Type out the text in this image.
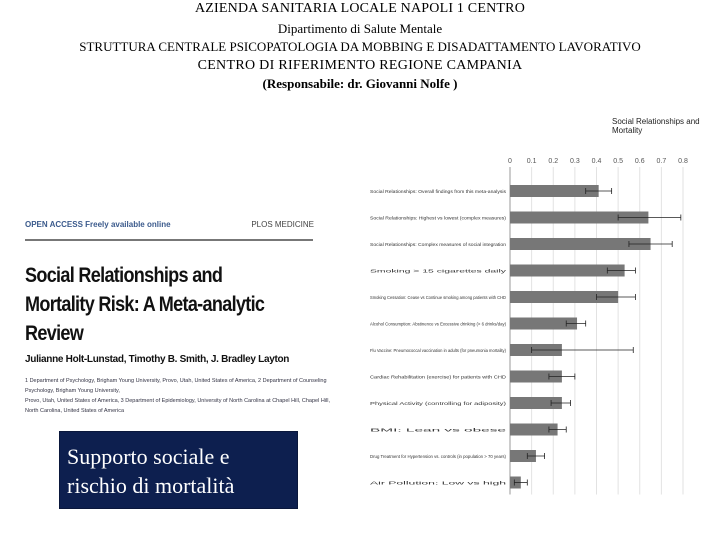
AZIENDA SANITARIA LOCALE NAPOLI 1 CENTRO
Dipartimento di Salute Mentale
STRUTTURA CENTRALE PSICOPATOLOGIA DA MOBBING E DISADATTAMENTO LAVORATIVO
CENTRO DI RIFERIMENTO REGIONE CAMPANIA
(Responsabile: dr. Giovanni Nolfe )
OPEN ACCESS Freely available online	PLOS MEDICINE
Social Relationships and Mortality Risk: A Meta-analytic
Review
Julianne Holt-Lunstad, Timothy B. Smith, J. Bradley Layton
1 Department of Psychology, Brigham Young University, Provo, Utah, United States of America, 2 Department of Counseling Psychology, Brigham Young University,
Provo, Utah, United States of America, 3 Department of Epidemiology, University of North Carolina at Chapel Hill, Chapel Hill, North Carolina, United States of America
Supporto sociale e
rischio di mortalità
Social Relationships and Mortality
0 0.1 0.2 0.3 0.4 0.5 0.6 0.7 0.8
Social Relationships: Overall findings from this meta-analysis
Social Relationships: Highest vs lowest (complex measures)
Social Relationships: Complex measures of social integration
Smoking > 15 cigarettes daily
Smoking Cessation: Cease vs Continue smoking among patients with CHD
Alcohol Consumption: Abstinence vs Excessive drinking (> 6 drinks/day)
Flu Vaccine: Pneumococcal vaccination in adults (for pneumonia mortality)
Cardiac Rehabilitation (exercise) for patients with CHD
Physical Activity (controlling for adiposity)
BMI: Lean vs obese
Drug Treatment for Hypertension vs. controls (in population > 70 years)
Air Pollution: Low vs high
